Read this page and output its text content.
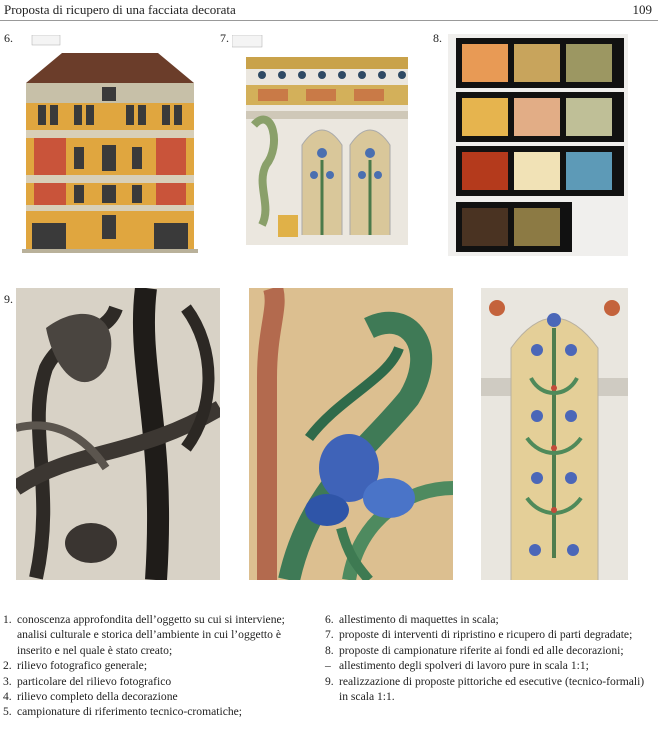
Proposta di ricupero di una facciata decorata	109
6.	7.	8.
9.
1. conoscenza approfondita dell’oggetto su cui si interviene; analisi culturale e storica dell’ambiente in cui l’oggetto è inserito e nel quale è stato creato;
2. rilievo fotografico generale;
3. particolare del rilievo fotografico
4. rilievo completo della decorazione
5. campionature di riferimento tecnico-cromatiche;
6. allestimento di maquettes in scala;
7. proposte di interventi di ripristino e ricupero di parti degradate;
8. proposte di campionature riferite ai fondi ed alle decorazioni;
– allestimento degli spolveri di lavoro pure in scala 1:1;
9. realizzazione di proposte pittoriche ed esecutive (tecnico-formali) in scala 1:1.
